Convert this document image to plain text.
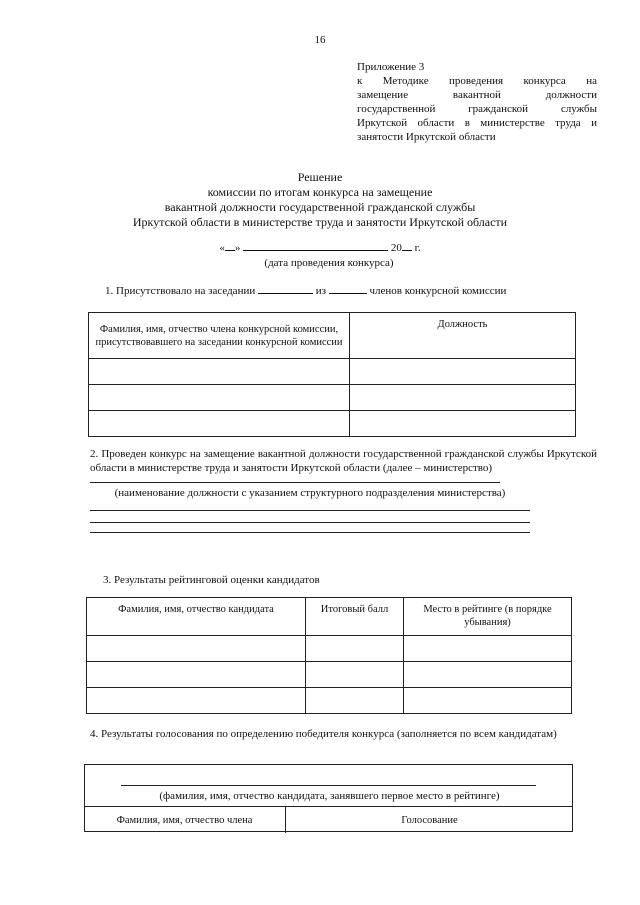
16
Приложение 3
к Методике проведения конкурса на
замещение вакантной должности
государственной гражданской службы
Иркутской области в министерстве труда и
занятости Иркутской области
Решение
комиссии по итогам конкурса на замещение
вакантной должности государственной гражданской службы
Иркутской области в министерстве труда и занятости Иркутской области
« »	20 г.
(дата проведения конкурса)
1. Присутствовало на заседании	из	членов конкурсной комиссии
Фамилия, имя, отчество члена конкурсной комиссии, присутствовавшего на заседании конкурсной комиссии	Должность

2. Проведен конкурс на замещение вакантной должности государственной гражданской службы Иркутской области в министерстве труда и занятости Иркутской области (далее – министерство)
(наименование должности с указанием структурного подразделения министерства)
3. Результаты рейтинговой оценки кандидатов
Фамилия, имя, отчество кандидата	Итоговый балл	Место в рейтинге (в порядке убывания)

4. Результаты голосования по определению победителя конкурса (заполняется по всем кандидатам)
(фамилия, имя, отчество кандидата, занявшего первое место в рейтинге)
Фамилия, имя, отчество члена	Голосование
